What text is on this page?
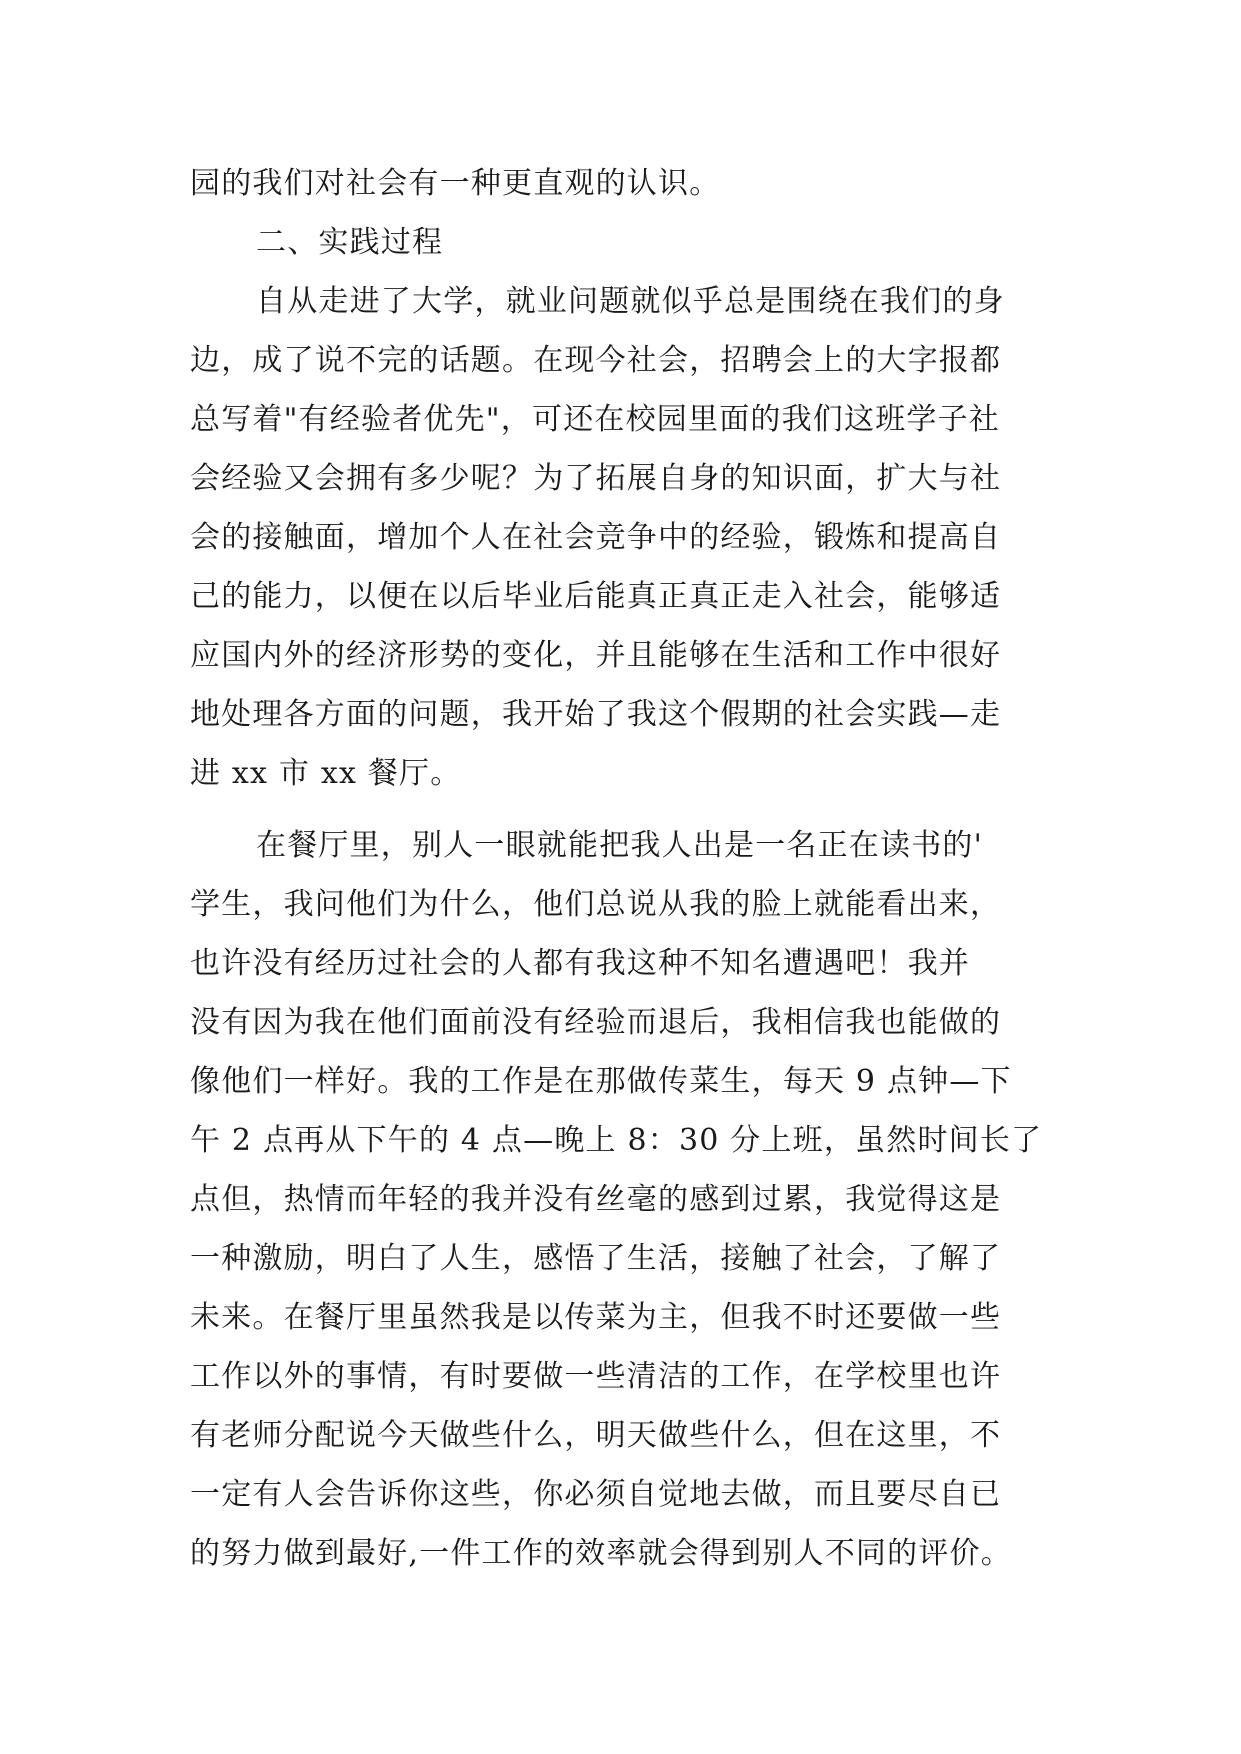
园的我们对社会有一种更直观的认识。
二、实践过程
自从走进了大学，就业问题就似乎总是围绕在我们的身
边，成了说不完的话题。在现今社会，招聘会上的大字报都
总写着"有经验者优先"，可还在校园里面的我们这班学子社
会经验又会拥有多少呢？为了拓展自身的知识面，扩大与社
会的接触面，增加个人在社会竞争中的经验，锻炼和提高自
己的能力，以便在以后毕业后能真正真正走入社会，能够适
应国内外的经济形势的变化，并且能够在生活和工作中很好
地处理各方面的问题，我开始了我这个假期的社会实践—走
进 xx 市 xx 餐厅。
在餐厅里，别人一眼就能把我人出是一名正在读书的'
学生，我问他们为什么，他们总说从我的脸上就能看出来，
也许没有经历过社会的人都有我这种不知名遭遇吧！我并
没有因为我在他们面前没有经验而退后，我相信我也能做的
像他们一样好。我的工作是在那做传菜生，每天 9 点钟—下
午 2 点再从下午的 4 点—晚上 8：30 分上班，虽然时间长了
点但，热情而年轻的我并没有丝毫的感到过累，我觉得这是
一种激励，明白了人生，感悟了生活，接触了社会，了解了
未来。在餐厅里虽然我是以传菜为主，但我不时还要做一些
工作以外的事情，有时要做一些清洁的工作，在学校里也许
有老师分配说今天做些什么，明天做些什么，但在这里，不
一定有人会告诉你这些，你必须自觉地去做，而且要尽自已
的努力做到最好,一件工作的效率就会得到别人不同的评价。
